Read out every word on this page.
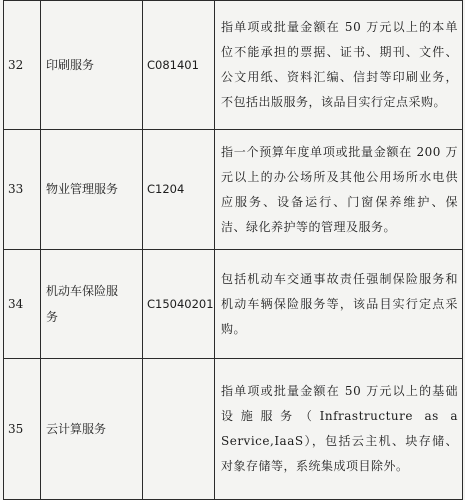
32	印刷服务	C081401	指单项或批量金额在 50 万元以上的本单位不能承担的票据、证书、期刊、文件、公文用纸、资料汇编、信封等印刷业务，不包括出版服务，该品目实行定点采购。
33	物业管理服务	C1204	指一个预算年度单项或批量金额在 200 万元以上的办公场所及其他公用场所水电供应服务、设备运行、门窗保养维护、保洁、绿化养护等的管理及服务。
34	机动车保险服务	C15040201	包括机动车交通事故责任强制保险服务和机动车辆保险服务等，该品目实行定点采购。
35	云计算服务		指单项或批量金额在 50 万元以上的基础设施服务（Infrastructure as a Service,IaaS），包括云主机、块存储、对象存储等，系统集成项目除外。
